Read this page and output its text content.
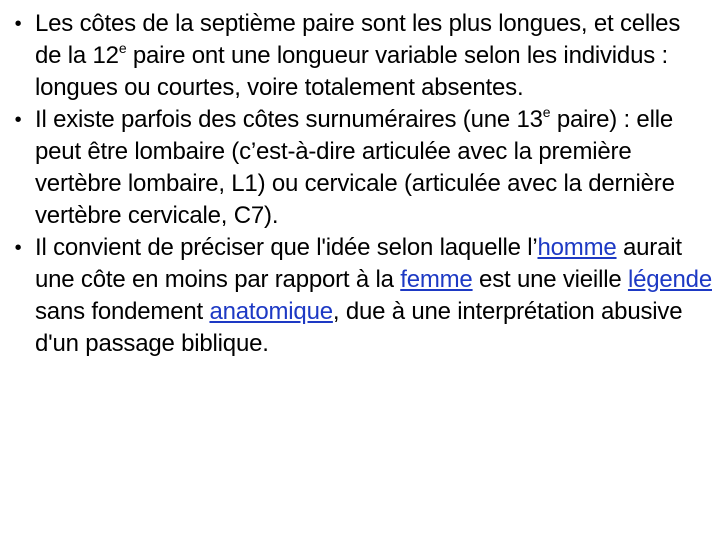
• Les côtes de la septième paire sont les plus longues, et celles de la 12e paire ont une longueur variable selon les individus : longues ou courtes, voire totalement absentes.
• Il existe parfois des côtes surnuméraires (une 13e paire) : elle peut être lombaire (c’est-à-dire articulée avec la première vertèbre lombaire, L1) ou cervicale (articulée avec la dernière vertèbre cervicale, C7).
• Il convient de préciser que l'idée selon laquelle l’homme aurait une côte en moins par rapport à la femme est une vieille légende sans fondement anatomique, due à une interprétation abusive d'un passage biblique.
